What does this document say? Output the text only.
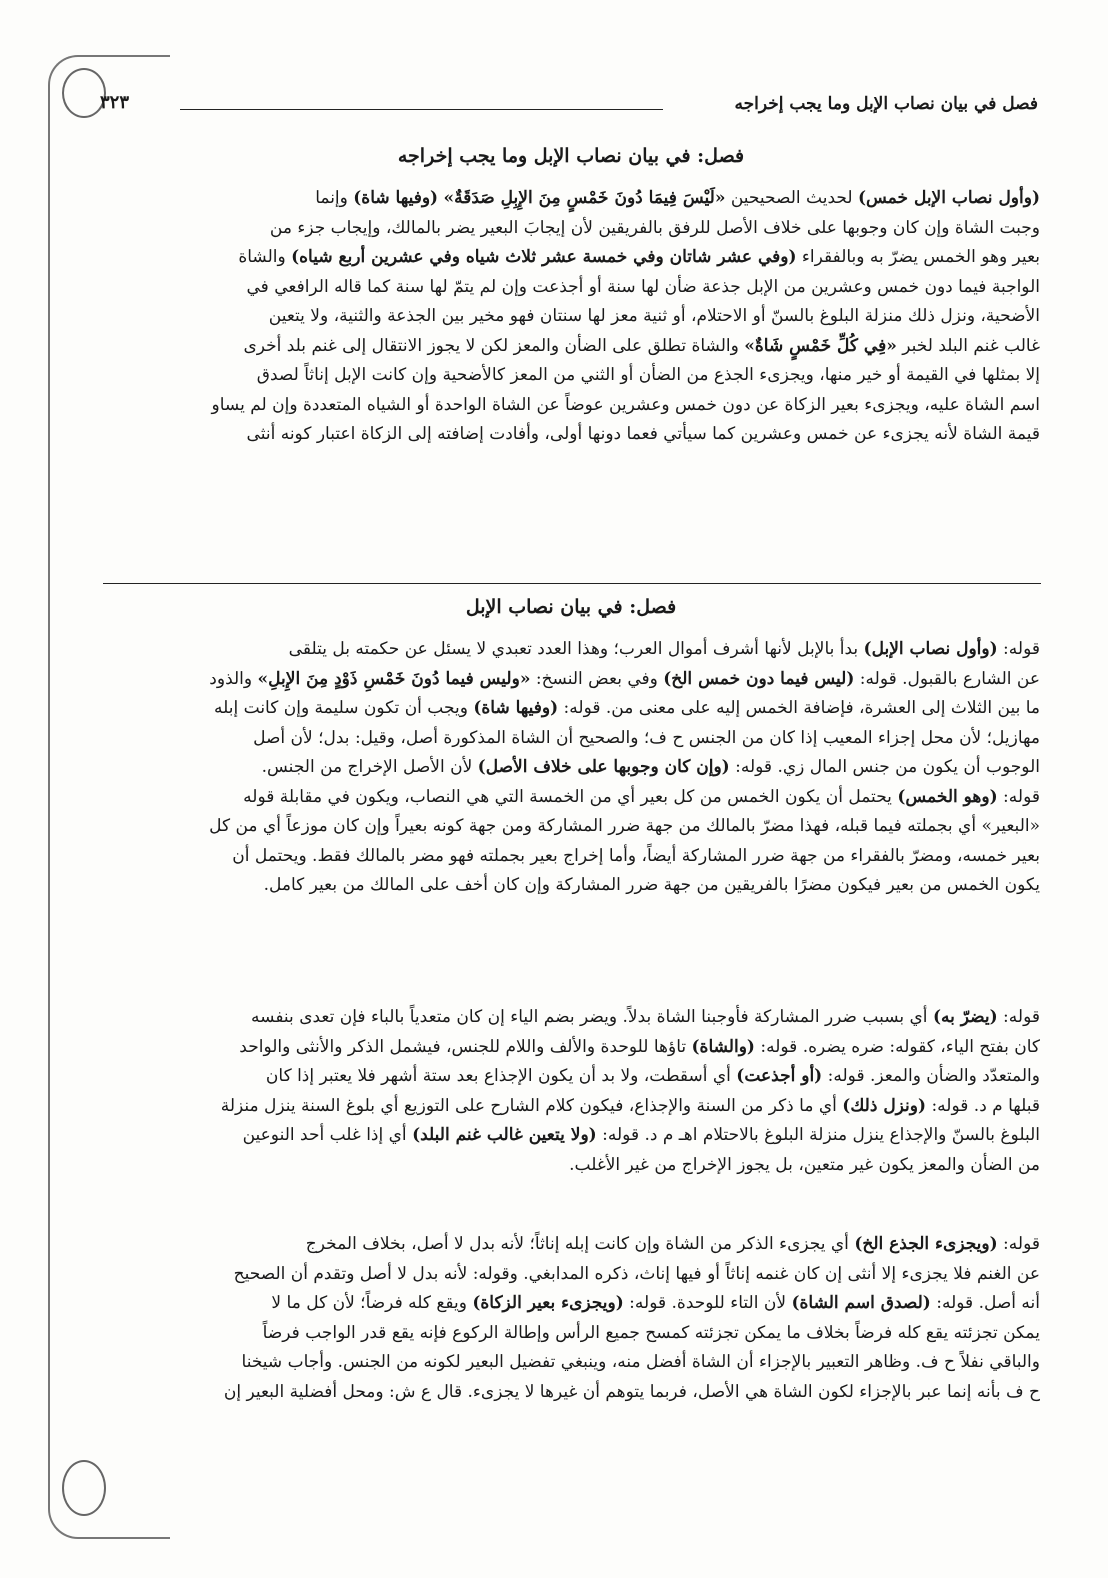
فصل في بيان نصاب الإبل وما يجب إخراجه
٣٢٣
فصل: في بيان نصاب الإبل وما يجب إخراجه

(وأول نصاب الإبل خمس) لحديث الصحيحين «لَيْسَ فِيمَا دُونَ خَمْسٍ مِنَ الإِبِلِ صَدَقَةٌ» (وفيها شاة) وإنما

وجبت الشاة وإن كان وجوبها على خلاف الأصل للرفق بالفريقين لأن إيجابَ البعير يضر بالمالك، وإيجاب جزء من

بعير وهو الخمس يضرّ به وبالفقراء (وفي عشر شاتان وفي خمسة عشر ثلاث شياه وفي عشرين أربع شياه) والشاة

الواجبة فيما دون خمس وعشرين من الإبل جذعة ضأن لها سنة أو أجذعت وإن لم يتمّ لها سنة كما قاله الرافعي في

الأضحية، ونزل ذلك منزلة البلوغ بالسنّ أو الاحتلام، أو ثنية معز لها سنتان فهو مخير بين الجذعة والثنية، ولا يتعين

غالب غنم البلد لخبر «فِي كُلِّ خَمْسٍ شَاةٌ» والشاة تطلق على الضأن والمعز لكن لا يجوز الانتقال إلى غنم بلد أخرى

إلا بمثلها في القيمة أو خير منها، ويجزىء الجذع من الضأن أو الثني من المعز كالأضحية وإن كانت الإبل إناثاً لصدق

اسم الشاة عليه، ويجزىء بعير الزكاة عن دون خمس وعشرين عوضاً عن الشاة الواحدة أو الشياه المتعددة وإن لم يساو

قيمة الشاة لأنه يجزىء عن خمس وعشرين كما سيأتي فعما دونها أولى، وأفادت إضافته إلى الزكاة اعتبار كونه أنثى

فصل: في بيان نصاب الإبل

قوله: (وأول نصاب الإبل) بدأ بالإبل لأنها أشرف أموال العرب؛ وهذا العدد تعبدي لا يسئل عن حكمته بل يتلقى

عن الشارع بالقبول. قوله: (ليس فيما دون خمس الخ) وفي بعض النسخ: «وليس فيما دُونَ خَمْسِ ذَوْدٍ مِنَ الإِبلِ» والذود

ما بين الثلاث إلى العشرة، فإضافة الخمس إليه على معنى من. قوله: (وفيها شاة) ويجب أن تكون سليمة وإن كانت إبله

مهازيل؛ لأن محل إجزاء المعيب إذا كان من الجنس ح ف؛ والصحيح أن الشاة المذكورة أصل، وقيل: بدل؛ لأن أصل

الوجوب أن يكون من جنس المال زي. قوله: (وإن كان وجوبها على خلاف الأصل) لأن الأصل الإخراج من الجنس.

قوله: (وهو الخمس) يحتمل أن يكون الخمس من كل بعير أي من الخمسة التي هي النصاب، ويكون في مقابلة قوله

«البعير» أي بجملته فيما قبله، فهذا مضرّ بالمالك من جهة ضرر المشاركة ومن جهة كونه بعيراً وإن كان موزعاً أي من كل

بعير خمسه، ومضرّ بالفقراء من جهة ضرر المشاركة أيضاً، وأما إخراج بعير بجملته فهو مضر بالمالك فقط. ويحتمل أن

يكون الخمس من بعير فيكون مضرًا بالفريقين من جهة ضرر المشاركة وإن كان أخف على المالك من بعير كامل.

قوله: (يضرّ به) أي بسبب ضرر المشاركة فأوجبنا الشاة بدلاً. ويضر بضم الياء إن كان متعدياً بالباء فإن تعدى بنفسه

كان بفتح الياء، كقوله: ضره يضره. قوله: (والشاة) تاؤها للوحدة والألف واللام للجنس، فيشمل الذكر والأنثى والواحد

والمتعدّد والضأن والمعز. قوله: (أو أجذعت) أي أسقطت، ولا بد أن يكون الإجذاع بعد ستة أشهر فلا يعتبر إذا كان

قبلها م د. قوله: (ونزل ذلك) أي ما ذكر من السنة والإجذاع، فيكون كلام الشارح على التوزيع أي بلوغ السنة ينزل منزلة

البلوغ بالسنّ والإجذاع ينزل منزلة البلوغ بالاحتلام اهـ م د. قوله: (ولا يتعين غالب غنم البلد) أي إذا غلب أحد النوعين

من الضأن والمعز يكون غير متعين، بل يجوز الإخراج من غير الأغلب.

قوله: (ويجزىء الجذع الخ) أي يجزىء الذكر من الشاة وإن كانت إبله إناثاً؛ لأنه بدل لا أصل، بخلاف المخرج

عن الغنم فلا يجزىء إلا أنثى إن كان غنمه إناثاً أو فيها إناث، ذكره المدابغي. وقوله: لأنه بدل لا أصل وتقدم أن الصحيح

أنه أصل. قوله: (لصدق اسم الشاة) لأن التاء للوحدة. قوله: (ويجزىء بعير الزكاة) ويقع كله فرضاً؛ لأن كل ما لا

يمكن تجزئته يقع كله فرضاً بخلاف ما يمكن تجزئته كمسح جميع الرأس وإطالة الركوع فإنه يقع قدر الواجب فرضاً

والباقي نفلاً ح ف. وظاهر التعبير بالإجزاء أن الشاة أفضل منه، وينبغي تفضيل البعير لكونه من الجنس. وأجاب شيخنا

ح ف بأنه إنما عبر بالإجزاء لكون الشاة هي الأصل، فربما يتوهم أن غيرها لا يجزىء. قال ع ش: ومحل أفضلية البعير إن
